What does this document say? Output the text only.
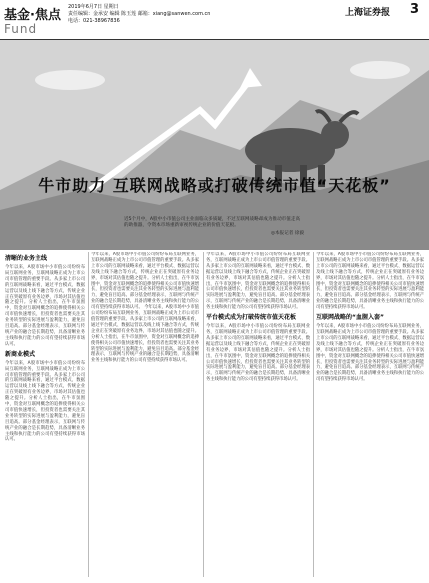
基金·焦点
Fund
2019年6月7日 星期日
责任编辑：金承安 编辑 陈玉莲 邮箱：xiang@sanwen.com.cn
电话：021-38967836
上海证券报 3
牛市助力 互联网战略或打破传统市值“天花板”
近5个月中，A股中小市值公司主业面临众多质疑，不过互联网战略却成为推动市值走高的助推器，令资本市场重新审视传统企业的价值天花板。
◎本报记者 徐毅
清晰的业务主线
今年以来，A股市场中小市值公司纷纷布局互联网业务，互联网战略正成为上市公司市值管理的重要手段。从多家上市公司的互联网战略来看，通过平台模式、数据运营以及线上线下融合等方式，传统企业正在突破原有业务边界，市场对其估值也随之提升。分析人士指出，在牛市氛围中，资金对互联网概念的追捧使得相关公司市值快速增长，但投资者也需要关注其业务转型的实际进展与盈利能力，避免盲目追高。部分基金经理表示，互联网与传统产业的融合是长期趋势，具备清晰业务主线和执行能力的公司有望持续获得市场认可。
新商业模式
今年以来，A股市场中小市值公司纷纷布局互联网业务，互联网战略正成为上市公司市值管理的重要手段。从多家上市公司的互联网战略来看，通过平台模式、数据运营以及线上线下融合等方式，传统企业正在突破原有业务边界，市场对其估值也随之提升。分析人士指出，在牛市氛围中，资金对互联网概念的追捧使得相关公司市值快速增长，但投资者也需要关注其业务转型的实际进展与盈利能力，避免盲目追高。部分基金经理表示，互联网与传统产业的融合是长期趋势，具备清晰业务主线和执行能力的公司有望持续获得市场认可。
今年以来，A股市场中小市值公司纷纷布局互联网业务，互联网战略正成为上市公司市值管理的重要手段。从多家上市公司的互联网战略来看，通过平台模式、数据运营以及线上线下融合等方式，传统企业正在突破原有业务边界，市场对其估值也随之提升。分析人士指出，在牛市氛围中，资金对互联网概念的追捧使得相关公司市值快速增长，但投资者也需要关注其业务转型的实际进展与盈利能力，避免盲目追高。部分基金经理表示，互联网与传统产业的融合是长期趋势，具备清晰业务主线和执行能力的公司有望持续获得市场认可。 今年以来，A股市场中小市值公司纷纷布局互联网业务，互联网战略正成为上市公司市值管理的重要手段。从多家上市公司的互联网战略来看，通过平台模式、数据运营以及线上线下融合等方式，传统企业正在突破原有业务边界，市场对其估值也随之提升。分析人士指出，在牛市氛围中，资金对互联网概念的追捧使得相关公司市值快速增长，但投资者也需要关注其业务转型的实际进展与盈利能力，避免盲目追高。部分基金经理表示，互联网与传统产业的融合是长期趋势，具备清晰业务主线和执行能力的公司有望持续获得市场认可。
今年以来，A股市场中小市值公司纷纷布局互联网业务，互联网战略正成为上市公司市值管理的重要手段。从多家上市公司的互联网战略来看，通过平台模式、数据运营以及线上线下融合等方式，传统企业正在突破原有业务边界，市场对其估值也随之提升。分析人士指出，在牛市氛围中，资金对互联网概念的追捧使得相关公司市值快速增长，但投资者也需要关注其业务转型的实际进展与盈利能力，避免盲目追高。部分基金经理表示，互联网与传统产业的融合是长期趋势，具备清晰业务主线和执行能力的公司有望持续获得市场认可。
平台模式成为打破传统市值天花板
今年以来，A股市场中小市值公司纷纷布局互联网业务，互联网战略正成为上市公司市值管理的重要手段。从多家上市公司的互联网战略来看，通过平台模式、数据运营以及线上线下融合等方式，传统企业正在突破原有业务边界，市场对其估值也随之提升。分析人士指出，在牛市氛围中，资金对互联网概念的追捧使得相关公司市值快速增长，但投资者也需要关注其业务转型的实际进展与盈利能力，避免盲目追高。部分基金经理表示，互联网与传统产业的融合是长期趋势，具备清晰业务主线和执行能力的公司有望持续获得市场认可。
今年以来，A股市场中小市值公司纷纷布局互联网业务，互联网战略正成为上市公司市值管理的重要手段。从多家上市公司的互联网战略来看，通过平台模式、数据运营以及线上线下融合等方式，传统企业正在突破原有业务边界，市场对其估值也随之提升。分析人士指出，在牛市氛围中，资金对互联网概念的追捧使得相关公司市值快速增长，但投资者也需要关注其业务转型的实际进展与盈利能力，避免盲目追高。部分基金经理表示，互联网与传统产业的融合是长期趋势，具备清晰业务主线和执行能力的公司有望持续获得市场认可。
互联网战略的“血腥入套”
今年以来，A股市场中小市值公司纷纷布局互联网业务，互联网战略正成为上市公司市值管理的重要手段。从多家上市公司的互联网战略来看，通过平台模式、数据运营以及线上线下融合等方式，传统企业正在突破原有业务边界，市场对其估值也随之提升。分析人士指出，在牛市氛围中，资金对互联网概念的追捧使得相关公司市值快速增长，但投资者也需要关注其业务转型的实际进展与盈利能力，避免盲目追高。部分基金经理表示，互联网与传统产业的融合是长期趋势，具备清晰业务主线和执行能力的公司有望持续获得市场认可。
